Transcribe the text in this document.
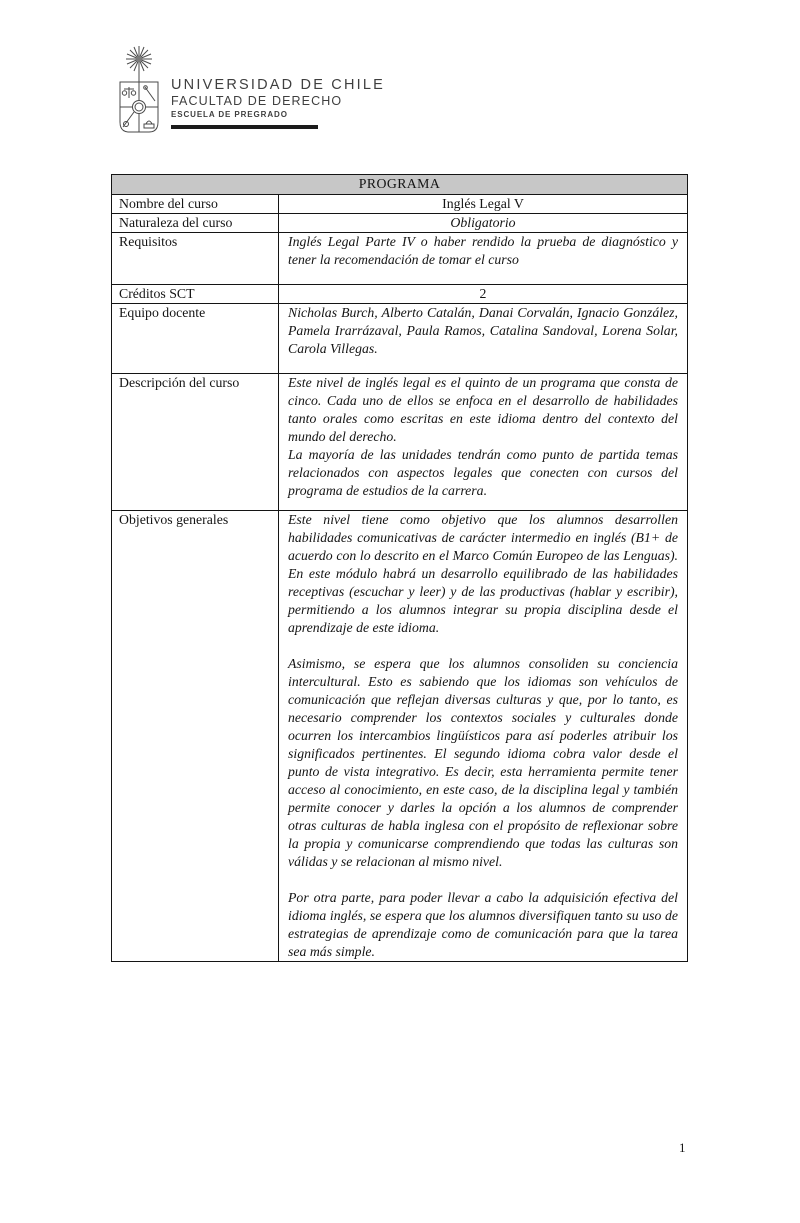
UNIVERSIDAD DE CHILE
FACULTAD DE DERECHO
ESCUELA DE PREGRADO
PROGRAMA	
Nombre del curso	Inglés Legal V
Naturaleza del curso	Obligatorio
Requisitos	Inglés Legal Parte IV o haber rendido la prueba de diagnóstico y tener la recomendación de tomar el curso
Créditos SCT	2
Equipo docente	Nicholas Burch, Alberto Catalán, Danai Corvalán, Ignacio González, Pamela Irarrázaval, Paula Ramos, Catalina Sandoval, Lorena Solar, Carola Villegas.
Descripción del curso	Este nivel de inglés legal es el quinto de un programa que consta de cinco. Cada uno de ellos se enfoca en el desarrollo de habilidades tanto orales como escritas en este idioma dentro del contexto del mundo del derecho.

La mayoría de las unidades tendrán como punto de partida temas relacionados con aspectos legales que conecten con cursos del programa de estudios de la carrera.

Objetivos generales	Este nivel tiene como objetivo que los alumnos desarrollen habilidades comunicativas de carácter intermedio en inglés (B1+ de acuerdo con lo descrito en el Marco Común Europeo de las Lenguas). En este módulo habrá un desarrollo equilibrado de las habilidades receptivas (escuchar y leer) y de las productivas (hablar y escribir), permitiendo a los alumnos integrar su propia disciplina desde el aprendizaje de este idioma.

Asimismo, se espera que los alumnos consoliden su conciencia intercultural. Esto es sabiendo que los idiomas son vehículos de comunicación que reflejan diversas culturas y que, por lo tanto, es necesario comprender los contextos sociales y culturales donde ocurren los intercambios lingüísticos para así poderles atribuir los significados pertinentes. El segundo idioma cobra valor desde el punto de vista integrativo. Es decir, esta herramienta permite tener acceso al conocimiento, en este caso, de la disciplina legal y también permite conocer y darles la opción a los alumnos de comprender otras culturas de habla inglesa con el propósito de reflexionar sobre la propia y comunicarse comprendiendo que todas las culturas son válidas y se relacionan al mismo nivel.

Por otra parte, para poder llevar a cabo la adquisición efectiva del idioma inglés, se espera que los alumnos diversifiquen tanto su uso de estrategias de aprendizaje como de comunicación para que la tarea sea más simple.

1
